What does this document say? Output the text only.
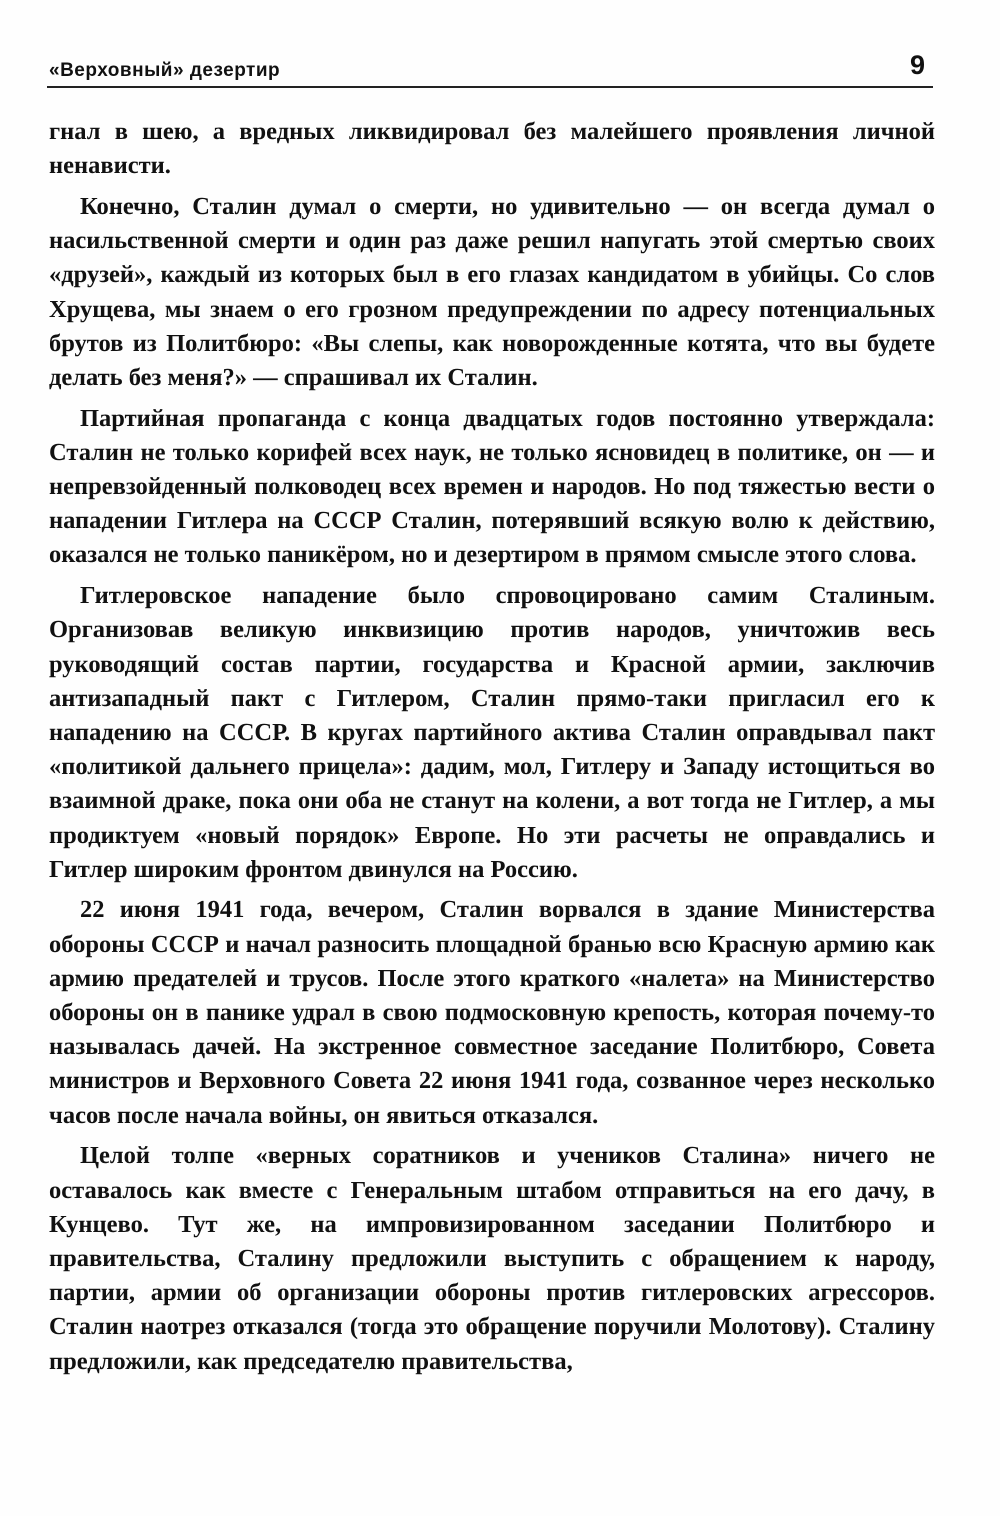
«Верховный» дезертир	9

гнал в шею, а вредных ликвидировал без малейшего проявления личной ненависти.

Конечно, Сталин думал о смерти, но удивительно — он всегда думал о насильственной смерти и один раз даже решил напугать этой смертью своих «друзей», каждый из которых был в его глазах кандидатом в убийцы. Со слов Хрущева, мы знаем о его грозном предупреждении по адресу потенциальных брутов из Политбюро: «Вы слепы, как новорожденные котята, что вы будете делать без меня?» — спрашивал их Сталин.

Партийная пропаганда с конца двадцатых годов постоянно утверждала: Сталин не только корифей всех наук, не только ясновидец в политике, он — и непревзойденный полководец всех времен и народов. Но под тяжестью вести о нападении Гитлера на СССР Сталин, потерявший всякую волю к действию, оказался не только паникёром, но и дезертиром в прямом смысле этого слова.

Гитлеровское нападение было спровоцировано самим Сталиным. Организовав великую инквизицию против народов, уничтожив весь руководящий состав партии, государства и Красной армии, заключив антизападный пакт с Гитлером, Сталин прямо-таки пригласил его к нападению на СССР. В кругах партийного актива Сталин оправдывал пакт «политикой дальнего прицела»: дадим, мол, Гитлеру и Западу истощиться во взаимной драке, пока они оба не станут на колени, а вот тогда не Гитлер, а мы продиктуем «новый порядок» Европе. Но эти расчеты не оправдались и Гитлер широким фронтом двинулся на Россию.

22 июня 1941 года, вечером, Сталин ворвался в здание Министерства обороны СССР и начал разносить площадной бранью всю Красную армию как армию предателей и трусов. После этого краткого «налета» на Министерство обороны он в панике удрал в свою подмосковную крепость, которая почему-то называлась дачей. На экстренное совместное заседание Политбюро, Совета министров и Верховного Совета 22 июня 1941 года, созванное через несколько часов после начала войны, он явиться отказался.

Целой толпе «верных соратников и учеников Сталина» ничего не оставалось как вместе с Генеральным штабом отправиться на его дачу, в Кунцево. Тут же, на импровизированном заседании Политбюро и правительства, Сталину предложили выступить с обращением к народу, партии, армии об организации обороны против гитлеровских агрессоров. Сталин наотрез отказался (тогда это обращение поручили Молотову). Сталину предложили, как председателю правительства,
